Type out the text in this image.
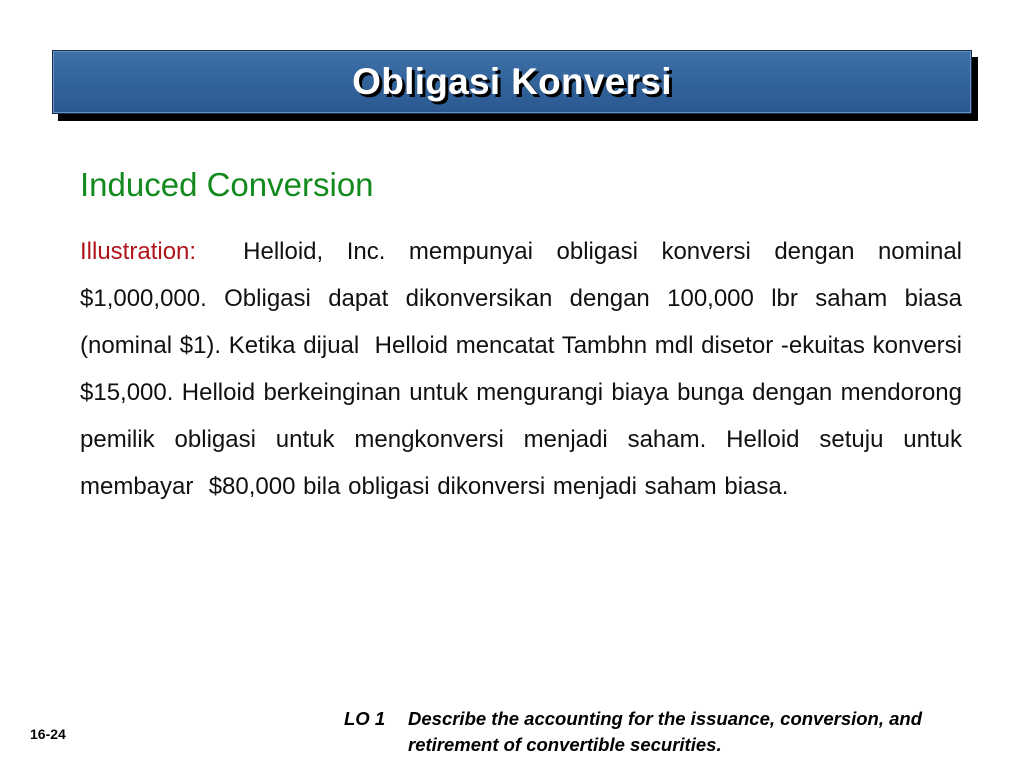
Obligasi Konversi
Induced Conversion
Illustration: Helloid, Inc. mempunyai obligasi konversi dengan nominal  $1,000,000. Obligasi dapat dikonversikan dengan 100,000 lbr saham biasa  (nominal $1). Ketika dijual  Helloid mencatat Tambhn mdl disetor -ekuitas konversi  $15,000. Helloid berkeinginan untuk mengurangi biaya bunga dengan mendorong pemilik obligasi untuk mengkonversi menjadi saham. Helloid setuju untuk membayar  $80,000 bila obligasi dikonversi menjadi saham biasa.
LO 1 Describe the accounting for the issuance, conversion, and retirement of convertible securities.
16-24
